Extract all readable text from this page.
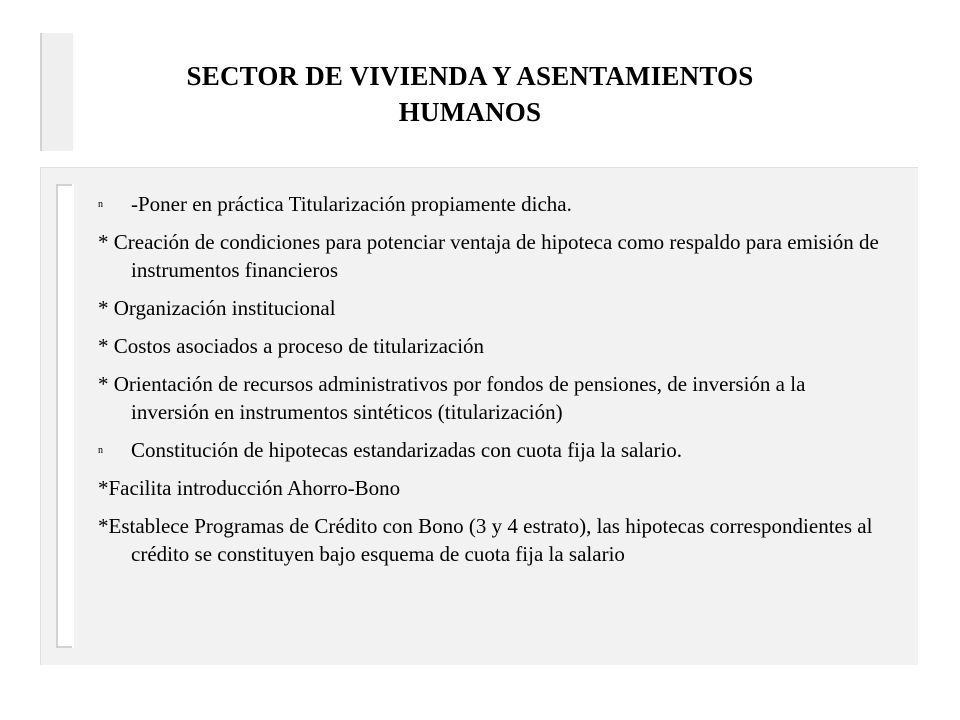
SECTOR DE VIVIENDA Y ASENTAMIENTOS
HUMANOS
n -Poner en práctica Titularización propiamente dicha.
* Creación de condiciones para potenciar ventaja de hipoteca como respaldo para emisión de instrumentos financieros
* Organización institucional
* Costos asociados a proceso de titularización
* Orientación de recursos administrativos por fondos de pensiones, de inversión a la inversión en instrumentos sintéticos (titularización)
n Constitución de hipotecas estandarizadas con cuota fija la salario.
*Facilita introducción Ahorro-Bono
*Establece Programas de Crédito con Bono (3 y 4 estrato), las hipotecas correspondientes al crédito se constituyen bajo esquema de cuota fija la salario
